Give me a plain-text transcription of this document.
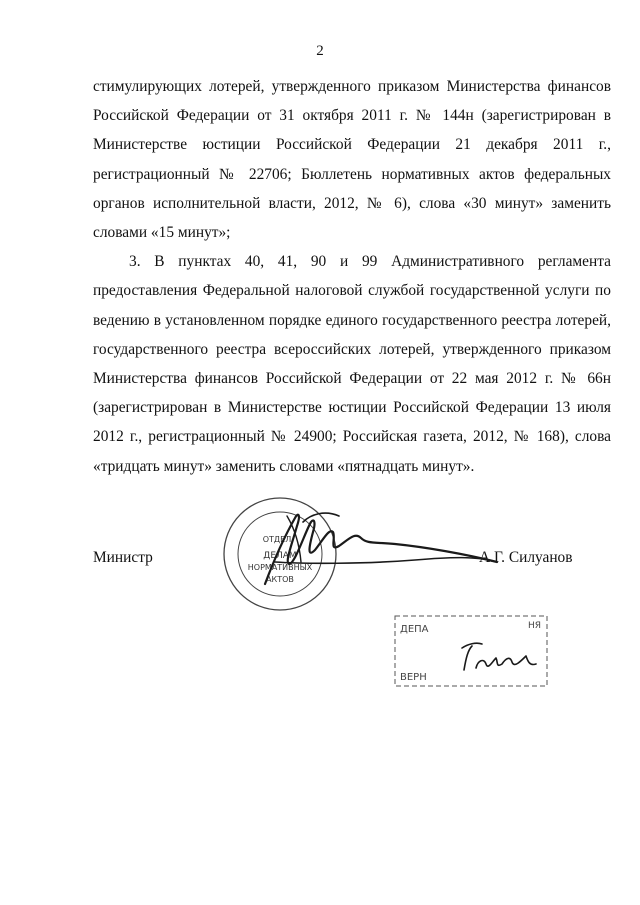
2

стимулирующих лотерей, утвержденного приказом Министерства финансов Российской Федерации от 31 октября 2011 г. № 144н (зарегистрирован в Министерстве юстиции Российской Федерации 21 декабря 2011 г., регистрационный № 22706; Бюллетень нормативных актов федеральных органов исполнительной власти, 2012, № 6), слова «30 минут» заменить словами «15 минут»;

3. В пунктах 40, 41, 90 и 99 Административного регламента предоставления Федеральной налоговой службой государственной услуги по ведению в установленном порядке единого государственного реестра лотерей, государственного реестра всероссийских лотерей, утвержденного приказом Министерства финансов Российской Федерации от 22 мая 2012 г. № 66н (зарегистрирован в Министерстве юстиции Российской Федерации 13 июля 2012 г., регистрационный № 24900; Российская газета, 2012, № 168), слова «тридцать минут» заменить словами «пятнадцать минут».

Министр	А.Г. Силуанов
ОТДЕЛ
ДЕЛАМ
НОРМАТИВНЫХ
АКТОВ
ДЕПА	НЯ
ВЕРН
